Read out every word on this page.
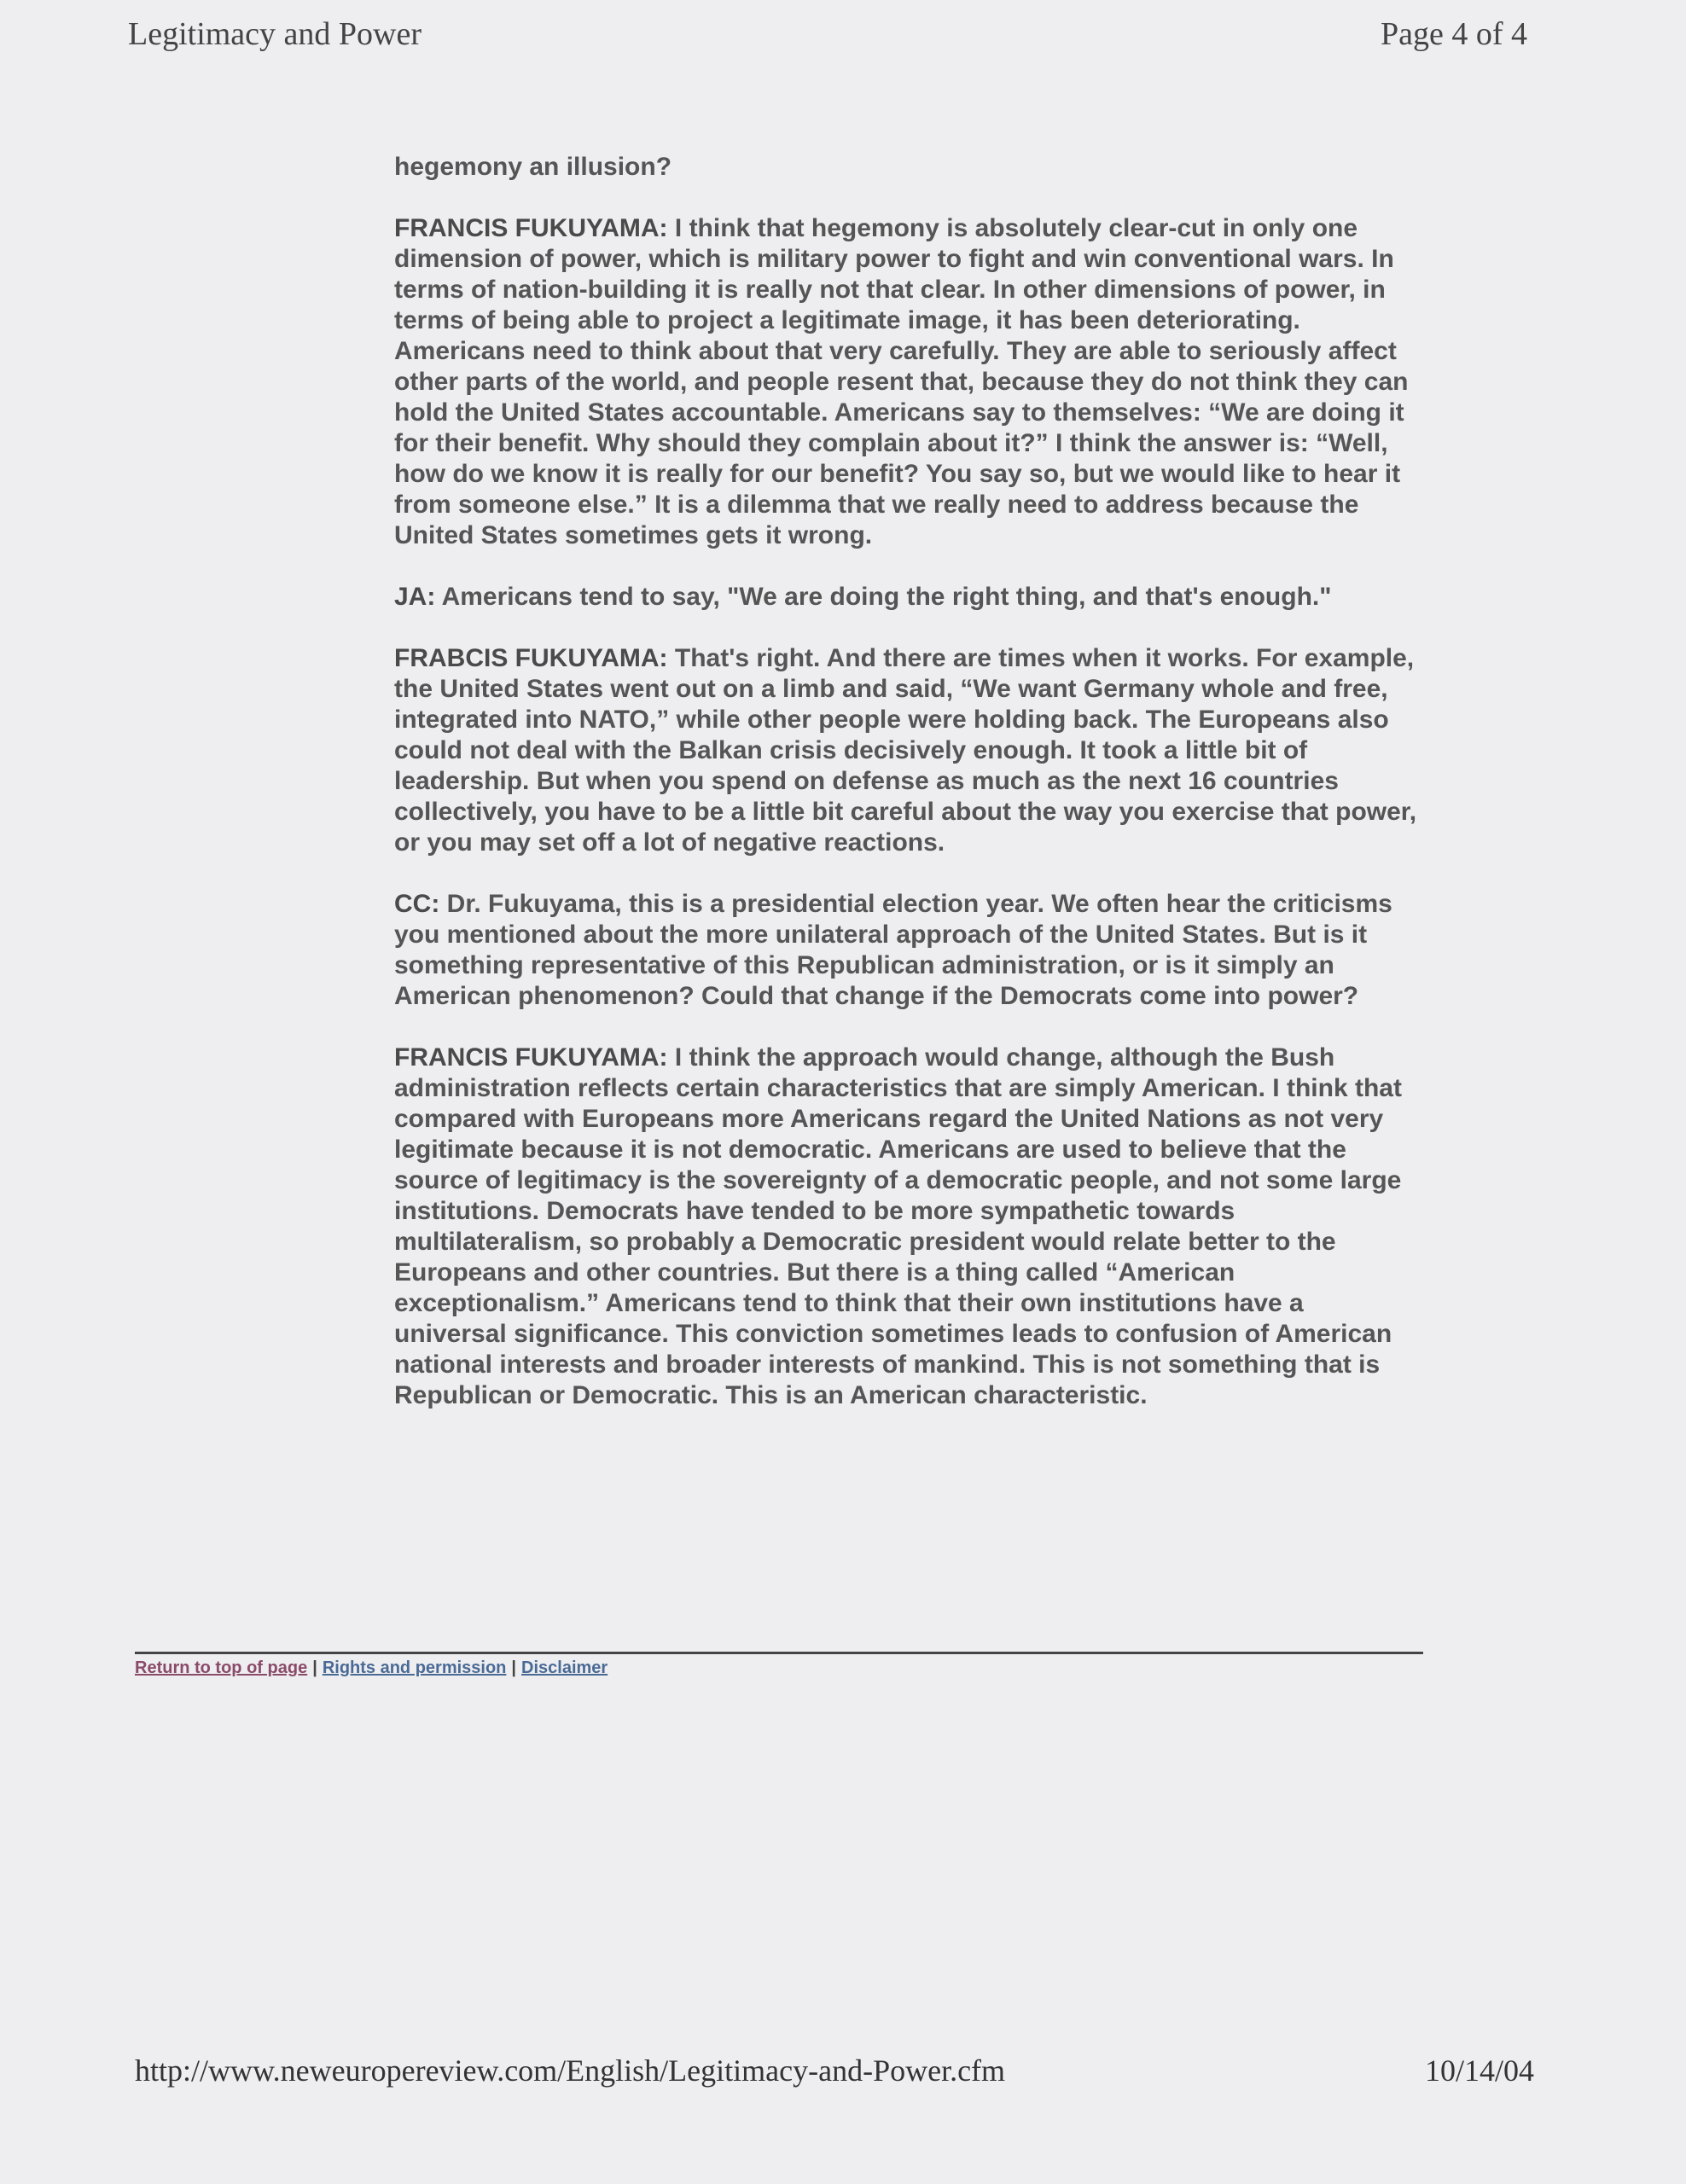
Legitimacy and Power	Page 4 of 4

hegemony an illusion?

FRANCIS FUKUYAMA: I think that hegemony is absolutely clear-cut in only one dimension of power, which is military power to fight and win conventional wars. In terms of nation-building it is really not that clear. In other dimensions of power, in terms of being able to project a legitimate image, it has been deteriorating. Americans need to think about that very carefully. They are able to seriously affect other parts of the world, and people resent that, because they do not think they can hold the United States accountable. Americans say to themselves: “We are doing it for their benefit. Why should they complain about it?” I think the answer is: “Well, how do we know it is really for our benefit? You say so, but we would like to hear it from someone else.” It is a dilemma that we really need to address because the United States sometimes gets it wrong.

JA: Americans tend to say, "We are doing the right thing, and that's enough."

FRABCIS FUKUYAMA: That's right. And there are times when it works. For example, the United States went out on a limb and said, “We want Germany whole and free, integrated into NATO,” while other people were holding back. The Europeans also could not deal with the Balkan crisis decisively enough. It took a little bit of leadership. But when you spend on defense as much as the next 16 countries collectively, you have to be a little bit careful about the way you exercise that power, or you may set off a lot of negative reactions.

CC: Dr. Fukuyama, this is a presidential election year. We often hear the criticisms you mentioned about the more unilateral approach of the United States. But is it something representative of this Republican administration, or is it simply an American phenomenon? Could that change if the Democrats come into power?

FRANCIS FUKUYAMA: I think the approach would change, although the Bush administration reflects certain characteristics that are simply American. I think that compared with Europeans more Americans regard the United Nations as not very legitimate because it is not democratic. Americans are used to believe that the source of legitimacy is the sovereignty of a democratic people, and not some large institutions. Democrats have tended to be more sympathetic towards multilateralism, so probably a Democratic president would relate better to the Europeans and other countries. But there is a thing called “American exceptionalism.” Americans tend to think that their own institutions have a universal significance. This conviction sometimes leads to confusion of American national interests and broader interests of mankind. This is not something that is Republican or Democratic. This is an American characteristic.

Return to top of page | Rights and permission | Disclaimer
http://www.neweuropereview.com/English/Legitimacy-and-Power.cfm	10/14/04
